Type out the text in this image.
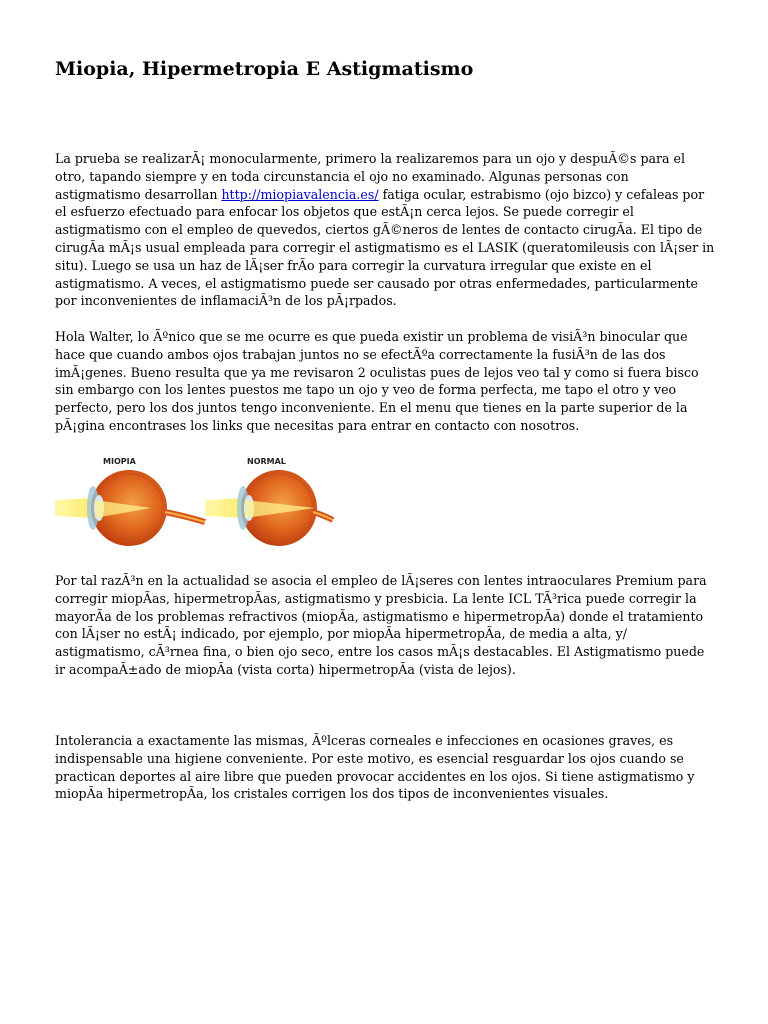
Miopia, Hipermetropia E Astigmatismo

La prueba se realizarÃ¡ monocularmente, primero la realizaremos para un ojo y despuÃ©s para el otro, tapando siempre y en toda circunstancia el ojo no examinado. Algunas personas con astigmatismo desarrollan http://miopiavalencia.es/ fatiga ocular, estrabismo (ojo bizco) y cefaleas por el esfuerzo efectuado para enfocar los objetos que estÃ¡n cerca lejos. Se puede corregir el astigmatismo con el empleo de quevedos, ciertos gÃ©neros de lentes de contacto cirugÃa. El tipo de cirugÃa mÃ¡s usual empleada para corregir el astigmatismo es el LASIK (queratomileusis con lÃ¡ser in situ). Luego se usa un haz de lÃ¡ser frÃo para corregir la curvatura irregular que existe en el astigmatismo. A veces, el astigmatismo puede ser causado por otras enfermedades, particularmente por inconvenientes de inflamaciÃ³n de los pÃ¡rpados.

Hola Walter, lo Ãºnico que se me ocurre es que pueda existir un problema de visiÃ³n binocular que hace que cuando ambos ojos trabajan juntos no se efectÃºa correctamente la fusiÃ³n de las dos imÃ¡genes. Bueno resulta que ya me revisaron 2 oculistas pues de lejos veo tal y como si fuera bisco sin embargo con los lentes puestos me tapo un ojo y veo de forma perfecta, me tapo el otro y veo perfecto, pero los dos juntos tengo inconveniente. En el menu que tienes en la parte superior de la pÃ¡gina encontrases los links que necesitas para entrar en contacto con nosotros.

MIOPIA	NORMAL

Por tal razÃ³n en la actualidad se asocia el empleo de lÃ¡seres con lentes intraoculares Premium para corregir miopÃas, hipermetropÃas, astigmatismo y presbicia. La lente ICL TÃ³rica puede corregir la mayorÃa de los problemas refractivos (miopÃa, astigmatismo e hipermetropÃa) donde el tratamiento con lÃ¡ser no estÃ¡ indicado, por ejemplo, por miopÃa hipermetropÃa, de media a alta, y/ astigmatismo, cÃ³rnea fina, o bien ojo seco, entre los casos mÃ¡s destacables. El Astigmatismo puede ir acompaÃ±ado de miopÃa (vista corta) hipermetropÃa (vista de lejos).

Intolerancia a exactamente las mismas, Ãºlceras corneales e infecciones en ocasiones graves, es indispensable una higiene conveniente. Por este motivo, es esencial resguardar los ojos cuando se practican deportes al aire libre que pueden provocar accidentes en los ojos. Si tiene astigmatismo y miopÃa hipermetropÃa, los cristales corrigen los dos tipos de inconvenientes visuales.
